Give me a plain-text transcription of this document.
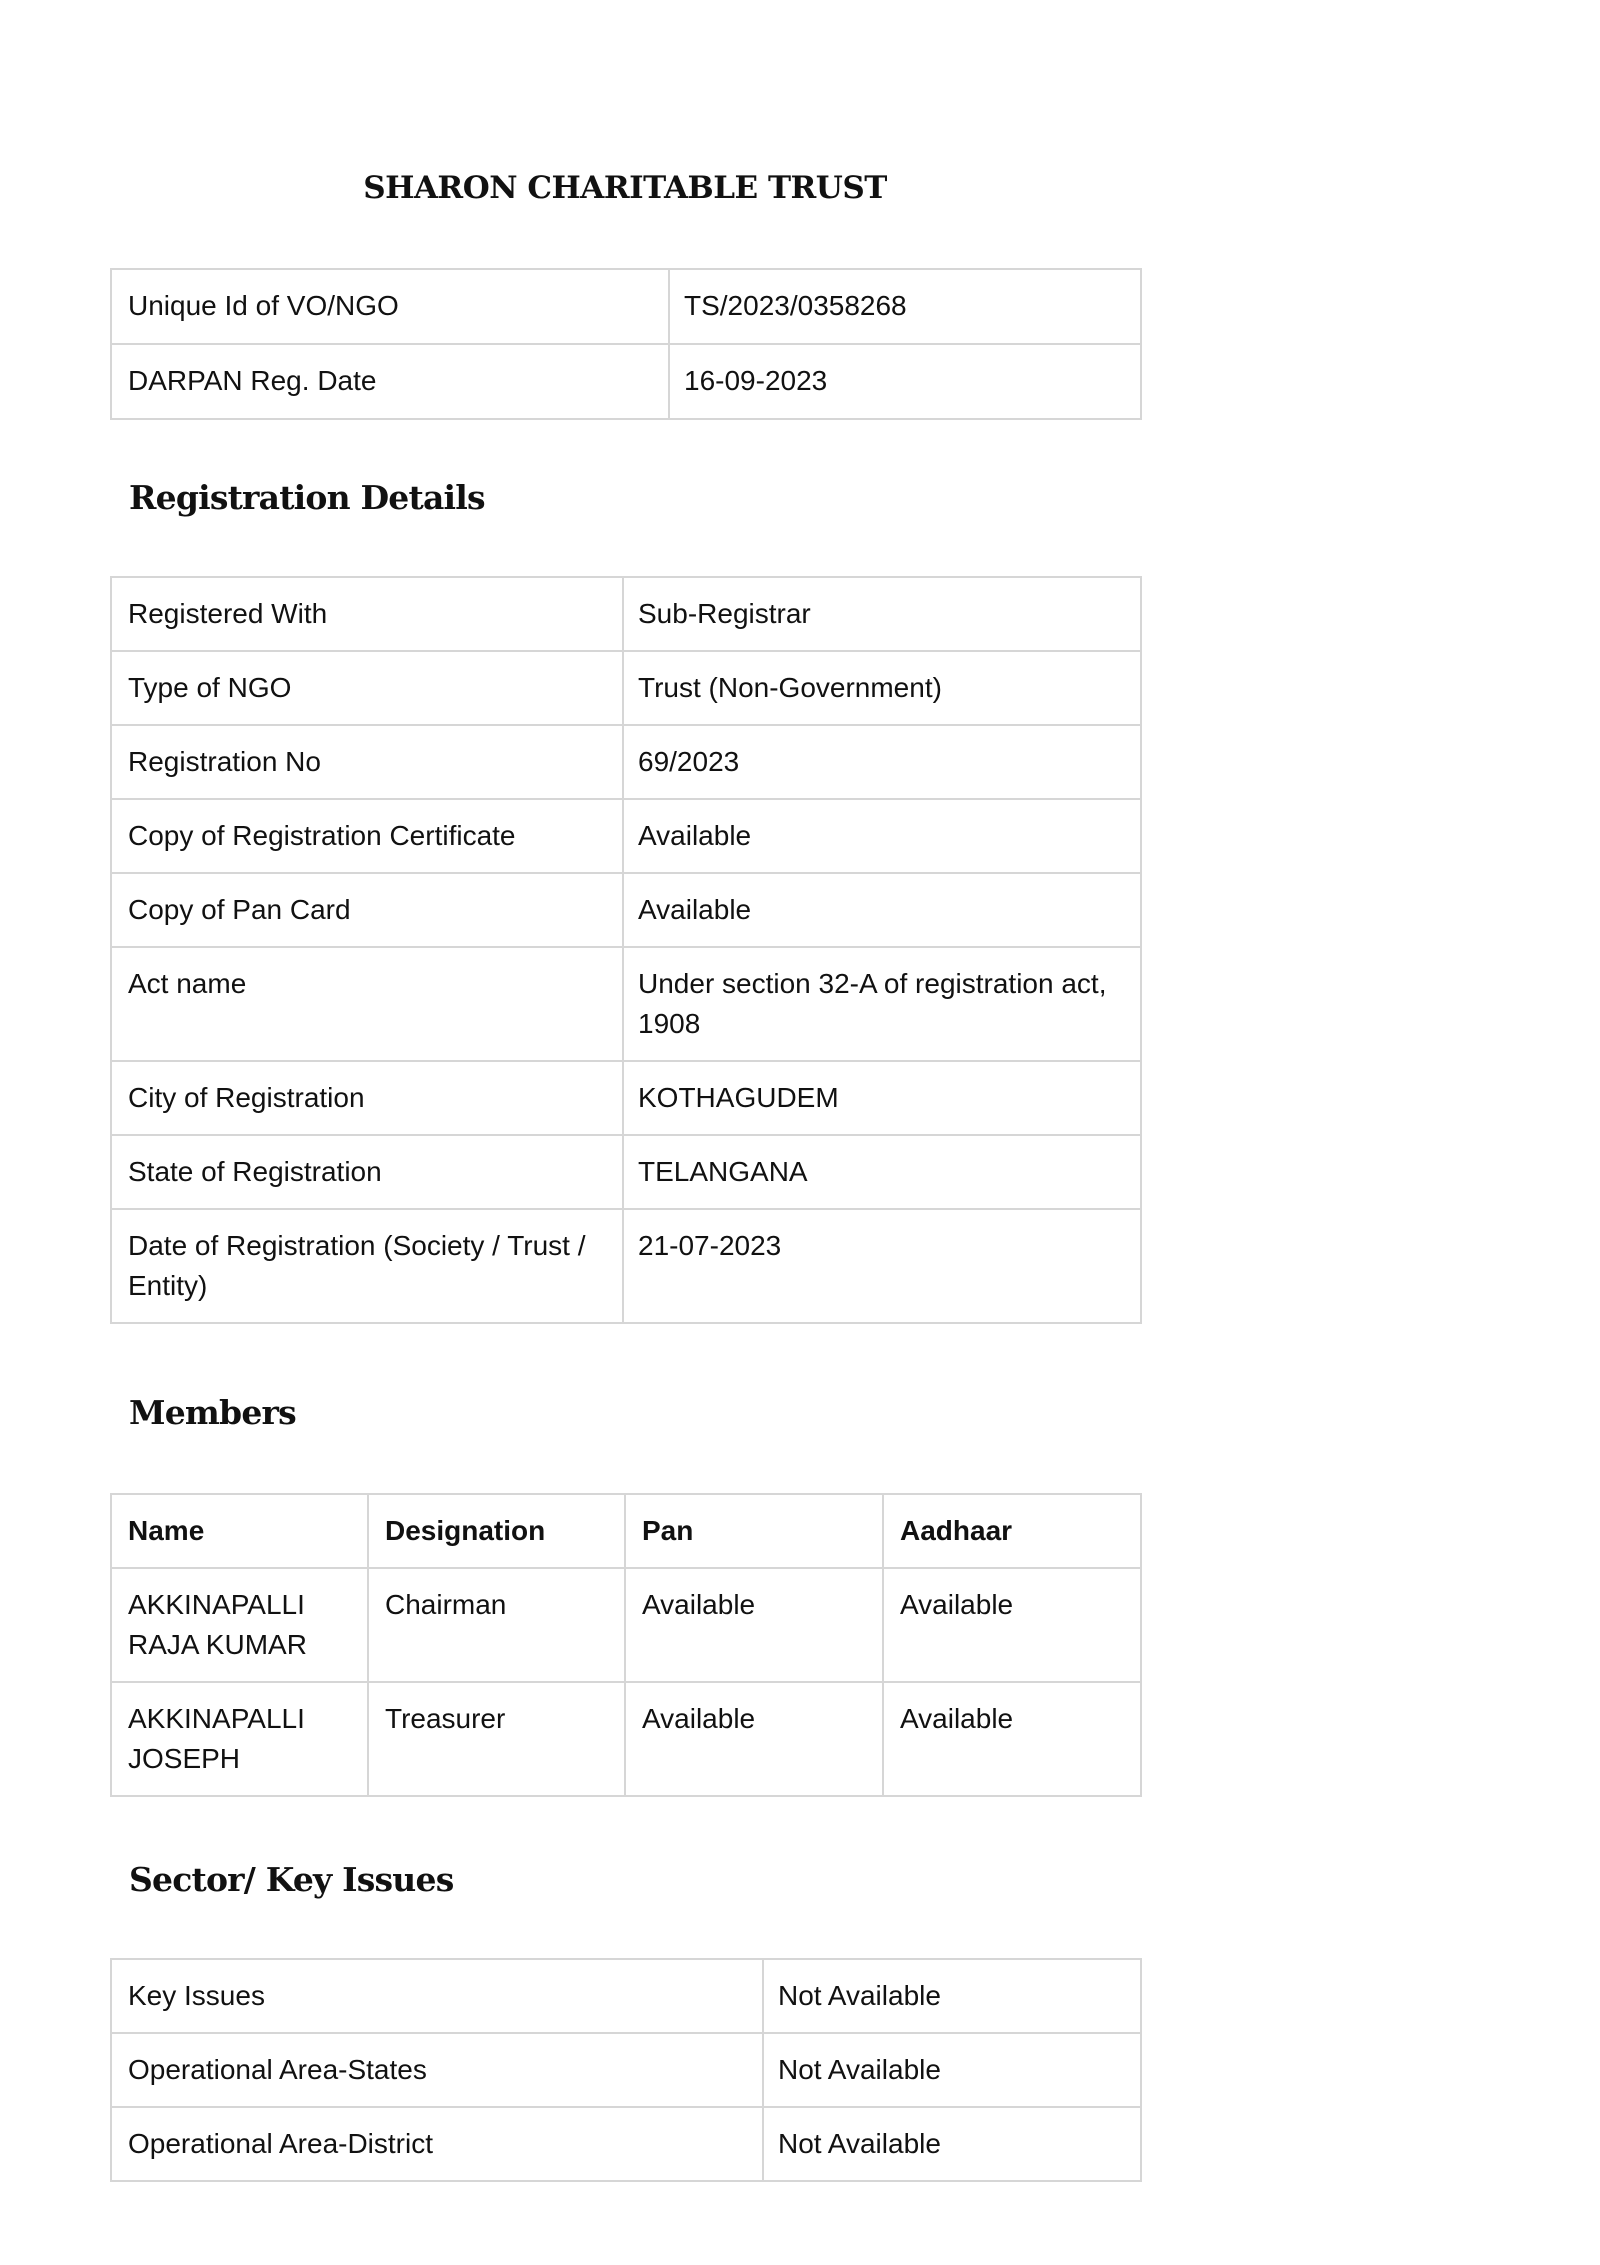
SHARON CHARITABLE TRUST
Unique Id of VO/NGO	TS/2023/0358268
DARPAN Reg. Date	16-09-2023
Registration Details
Registered With	Sub-Registrar
Type of NGO	Trust (Non-Government)
Registration No	69/2023
Copy of Registration Certificate	Available
Copy of Pan Card	Available
Act name	Under section 32-A of registration act, 1908
City of Registration	KOTHAGUDEM
State of Registration	TELANGANA
Date of Registration (Society / Trust / Entity)	21-07-2023
Members
Name	Designation	Pan	Aadhaar
AKKINAPALLI RAJA KUMAR	Chairman	Available	Available
AKKINAPALLI JOSEPH	Treasurer	Available	Available
Sector/ Key Issues
Key Issues	Not Available
Operational Area-States	Not Available
Operational Area-District	Not Available
